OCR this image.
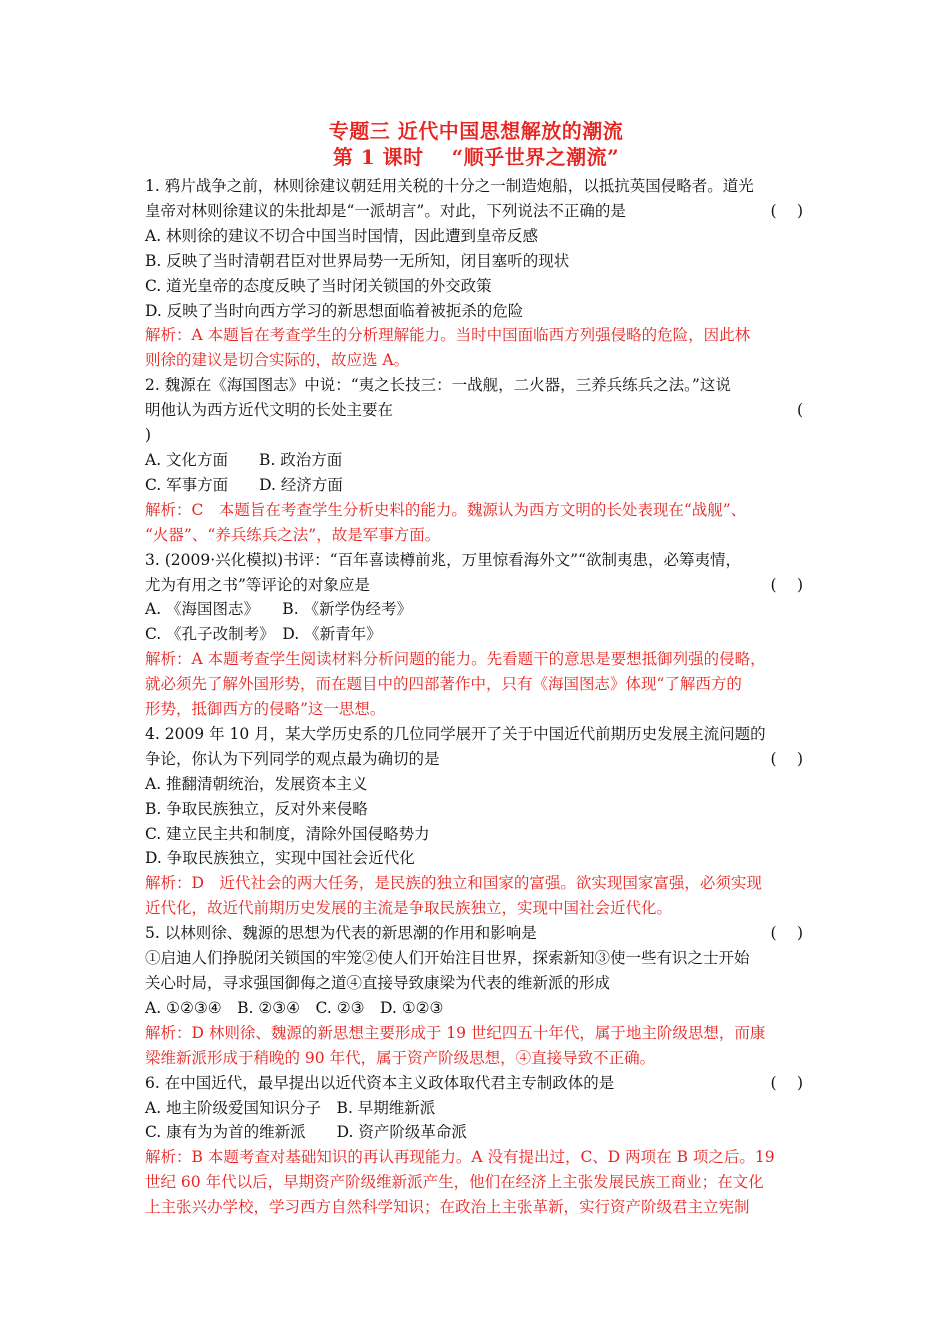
专题三 近代中国思想解放的潮流
第 1 课时　 “顺乎世界之潮流”
1. 鸦片战争之前，林则徐建议朝廷用关税的十分之一制造炮船，以抵抗英国侵略者。道光
皇帝对林则徐建议的朱批却是“一派胡言”。对此，下列说法不正确的是	(　 )
A. 林则徐的建议不切合中国当时国情，因此遭到皇帝反感
B. 反映了当时清朝君臣对世界局势一无所知，闭目塞听的现状
C. 道光皇帝的态度反映了当时闭关锁国的外交政策
D. 反映了当时向西方学习的新思想面临着被扼杀的危险
解析：A 本题旨在考查学生的分析理解能力。当时中国面临西方列强侵略的危险，因此林
则徐的建议是切合实际的，故应选 A。
2. 魏源在《海国图志》中说：“夷之长技三：一战舰，二火器，三养兵练兵之法。”这说
明他认为西方近代文明的长处主要在	(
)
A. 文化方面　　B. 政治方面
C. 军事方面　　D. 经济方面
解析：C　本题旨在考查学生分析史料的能力。魏源认为西方文明的长处表现在“战舰”、
“火器”、“养兵练兵之法”，故是军事方面。
3. (2009·兴化模拟)书评：“百年喜读樽前兆，万里惊看海外文”“欲制夷患，必筹夷情，
尤为有用之书”等评论的对象应是	(　 )
A. 《海国图志》　　B. 《新学伪经考》
C. 《孔子改制考》　D. 《新青年》
解析：A 本题考查学生阅读材料分析问题的能力。先看题干的意思是要想抵御列强的侵略，
就必须先了解外国形势，而在题目中的四部著作中，只有《海国图志》体现“了解西方的
形势，抵御西方的侵略”这一思想。
4. 2009 年 10 月，某大学历史系的几位同学展开了关于中国近代前期历史发展主流问题的
争论，你认为下列同学的观点最为确切的是	(　 )
A. 推翻清朝统治，发展资本主义
B. 争取民族独立，反对外来侵略
C. 建立民主共和制度，清除外国侵略势力
D. 争取民族独立，实现中国社会近代化
解析：D　近代社会的两大任务，是民族的独立和国家的富强。欲实现国家富强，必须实现
近代化，故近代前期历史发展的主流是争取民族独立，实现中国社会近代化。
5. 以林则徐、魏源的思想为代表的新思潮的作用和影响是	(　 )
①启迪人们挣脱闭关锁国的牢笼②使人们开始注目世界，探索新知③使一些有识之士开始
关心时局，寻求强国御侮之道④直接导致康梁为代表的维新派的形成
A. ①②③④　B. ②③④　C. ②③　D. ①②③
解析：D 林则徐、魏源的新思想主要形成于 19 世纪四五十年代，属于地主阶级思想，而康
梁维新派形成于稍晚的 90 年代，属于资产阶级思想，④直接导致不正确。
6. 在中国近代，最早提出以近代资本主义政体取代君主专制政体的是	(　 )
A. 地主阶级爱国知识分子　B. 早期维新派
C. 康有为为首的维新派　　D. 资产阶级革命派
解析：B 本题考查对基础知识的再认再现能力。A 没有提出过，C、D 两项在 B 项之后。19
世纪 60 年代以后，早期资产阶级维新派产生，他们在经济上主张发展民族工商业；在文化
上主张兴办学校，学习西方自然科学知识；在政治上主张革新，实行资产阶级君主立宪制
